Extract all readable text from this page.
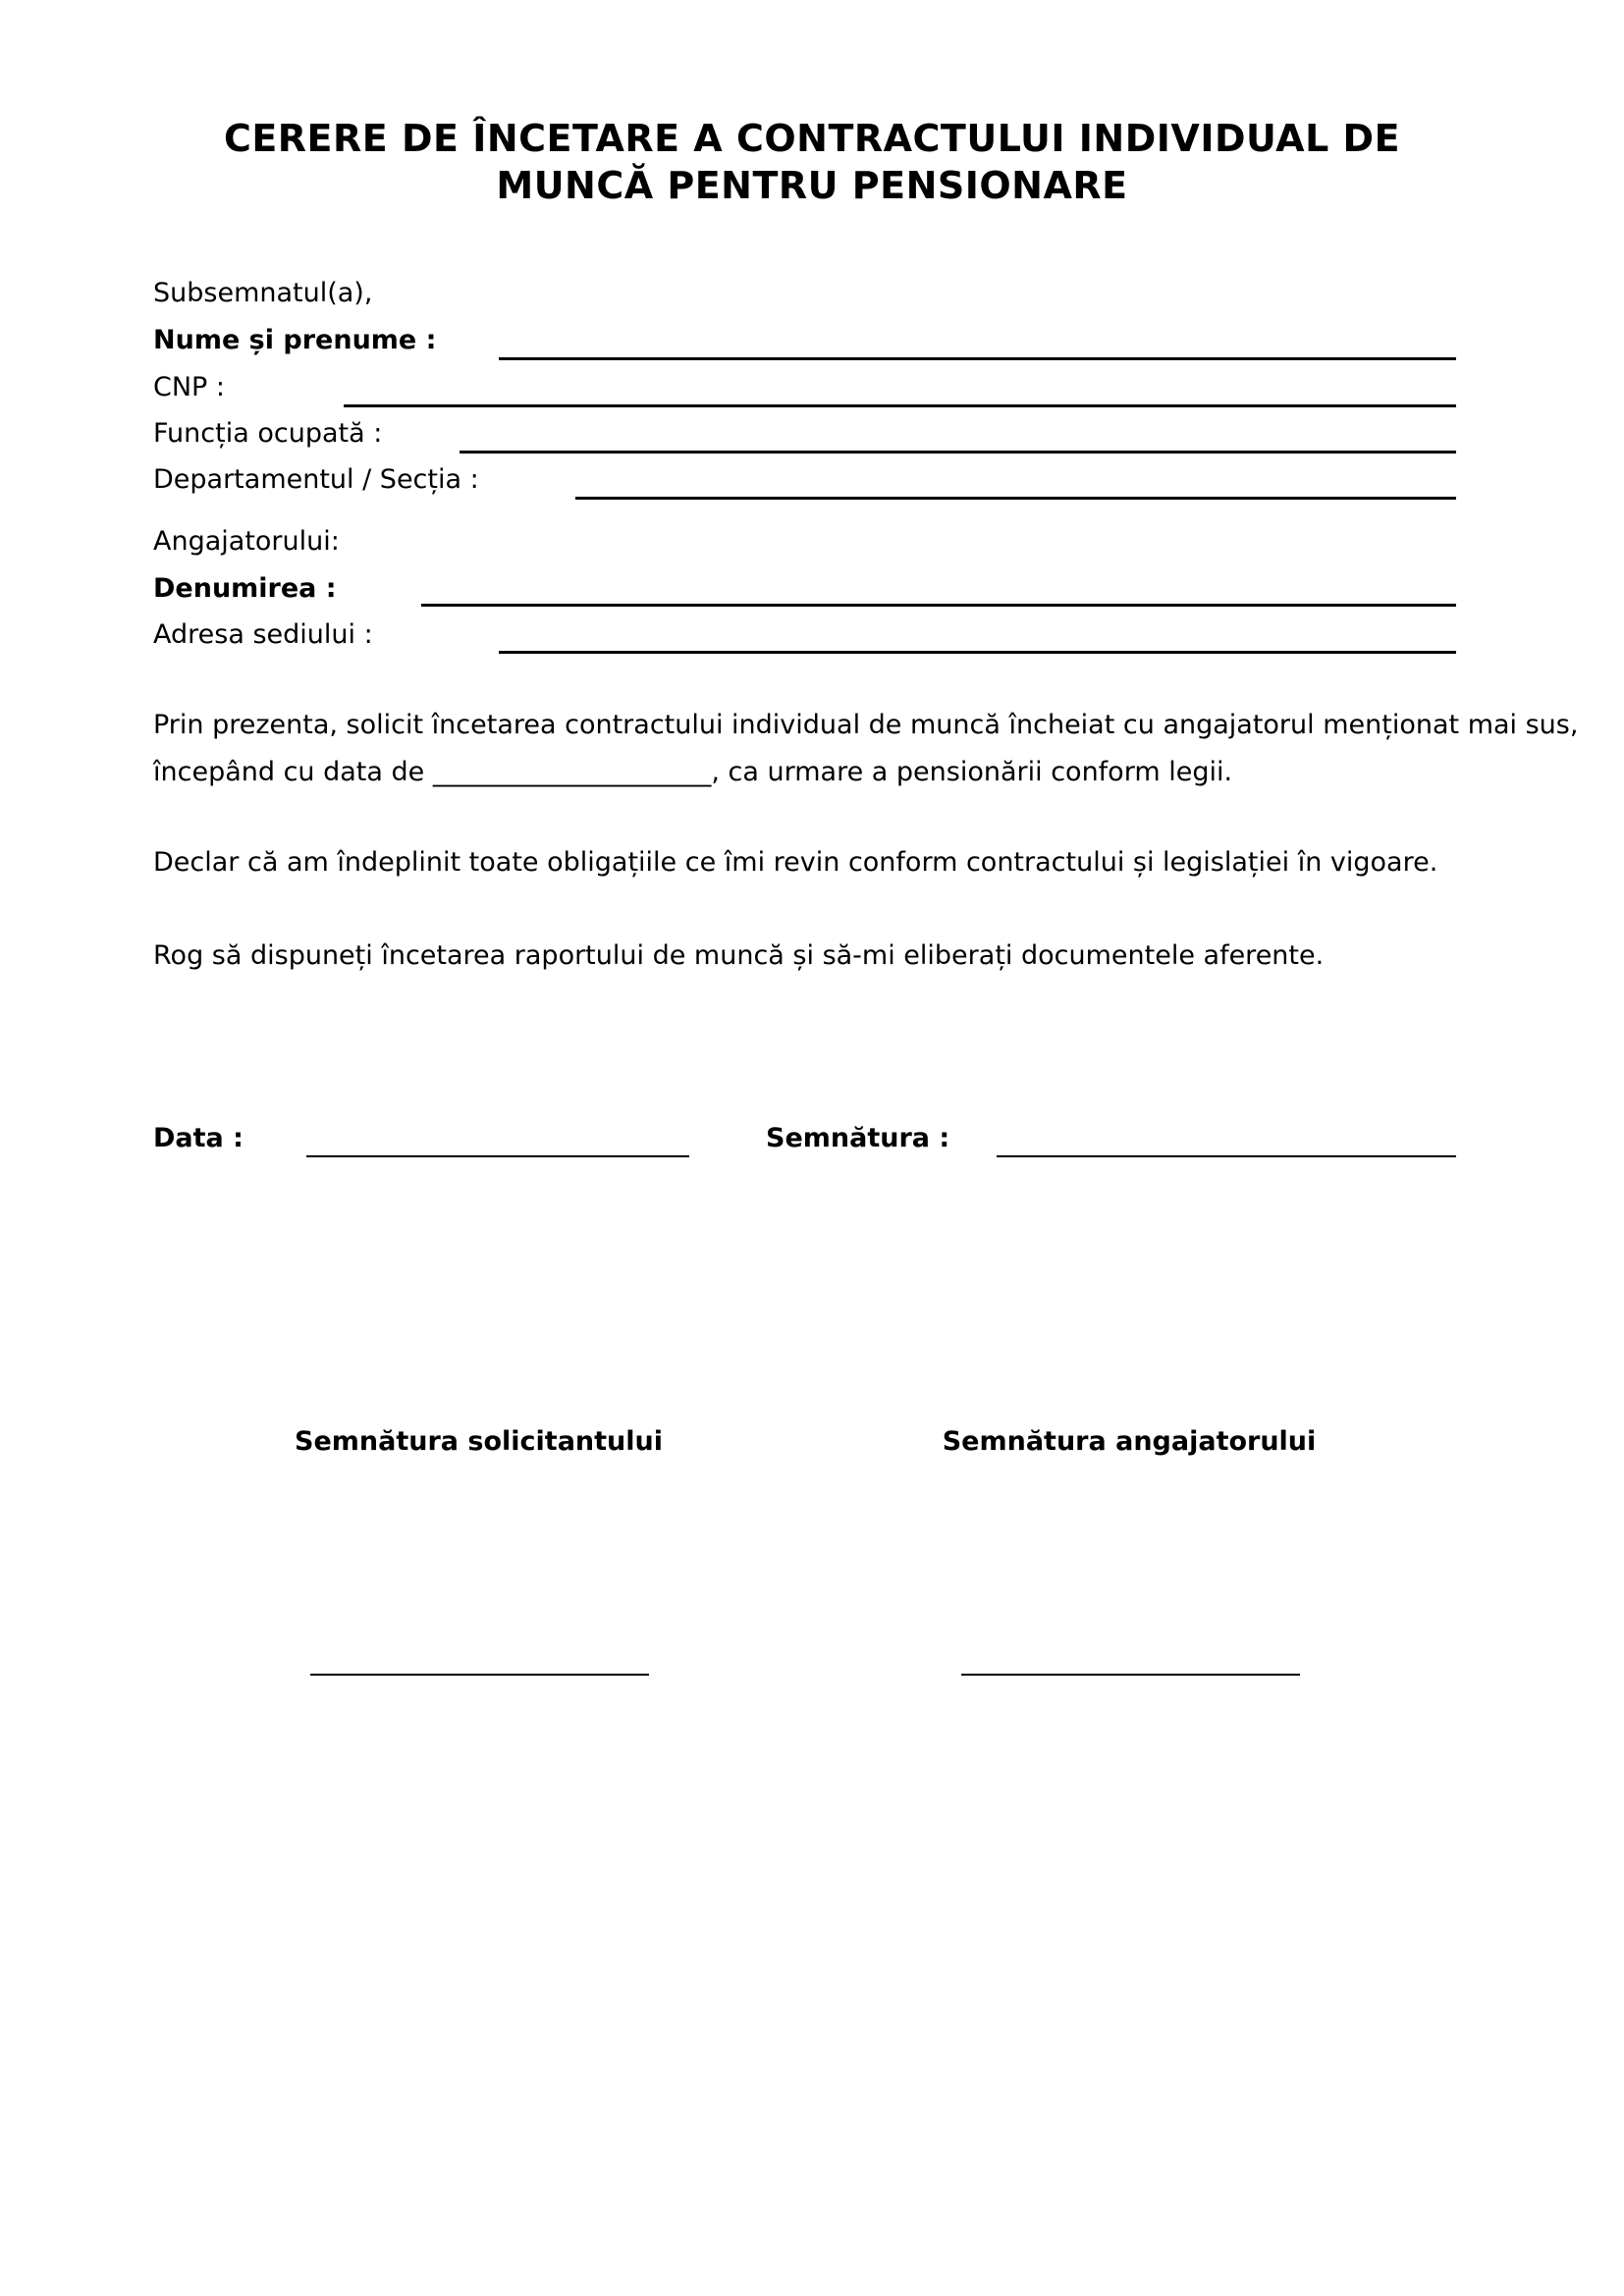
CERERE DE ÎNCETARE A CONTRACTULUI INDIVIDUAL DE
MUNCĂ PENTRU PENSIONARE
Subsemnatul(a),
Nume și prenume :
CNP :
Funcția ocupată :
Departamentul / Secția :
Angajatorului:
Denumirea :
Adresa sediului :
Prin prezenta, solicit încetarea contractului individual de muncă încheiat cu angajatorul menționat mai sus,
începând cu data de _____________________, ca urmare a pensionării conform legii.
Declar că am îndeplinit toate obligațiile ce îmi revin conform contractului și legislației în vigoare.
Rog să dispuneți încetarea raportului de muncă și să-mi eliberați documentele aferente.
Data :	Semnătura :
Semnătura solicitantului	Semnătura angajatorului
